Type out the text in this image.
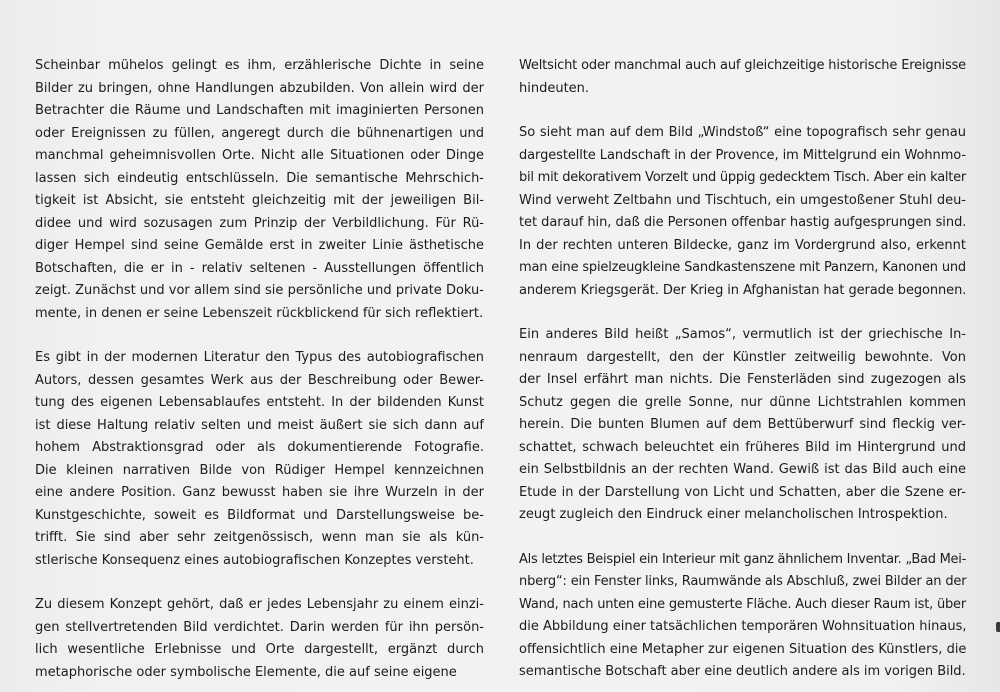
Scheinbar mühelos gelingt es ihm, erzählerische Dichte in seine
Bilder zu bringen, ohne Handlungen abzubilden. Von allein wird der
Betrachter die Räume und Landschaften mit imaginierten Personen
oder Ereignissen zu füllen, angeregt durch die bühnenartigen und
manchmal geheimnisvollen Orte. Nicht alle Situationen oder Dinge
lassen sich eindeutig entschlüsseln. Die semantische Mehrschich-
tigkeit ist Absicht, sie entsteht gleichzeitig mit der jeweiligen Bil-
didee und wird sozusagen zum Prinzip der Verbildlichung. Für Rü-
diger Hempel sind seine Gemälde erst in zweiter Linie ästhetische
Botschaften, die er in - relativ seltenen - Ausstellungen öffentlich
zeigt. Zunächst und vor allem sind sie persönliche und private Doku-
mente, in denen er seine Lebenszeit rückblickend für sich reflektiert.

Es gibt in der modernen Literatur den Typus des autobiografischen
Autors, dessen gesamtes Werk aus der Beschreibung oder Bewer-
tung des eigenen Lebensablaufes entsteht. In der bildenden Kunst
ist diese Haltung relativ selten und meist äußert sie sich dann auf
hohem Abstraktionsgrad oder als dokumentierende Fotografie.
Die kleinen narrativen Bilde von Rüdiger Hempel kennzeichnen
eine andere Position. Ganz bewusst haben sie ihre Wurzeln in der
Kunstgeschichte, soweit es Bildformat und Darstellungsweise be-
trifft. Sie sind aber sehr zeitgenössisch, wenn man sie als kün-
stlerische Konsequenz eines autobiografischen Konzeptes versteht.

Zu diesem Konzept gehört, daß er jedes Lebensjahr zu einem einzi-
gen stellvertretenden Bild verdichtet. Darin werden für ihn persön-
lich wesentliche Erlebnisse und Orte dargestellt, ergänzt durch
metaphorische oder symbolische Elemente, die auf seine eigene

Weltsicht oder manchmal auch auf gleichzeitige historische Ereignisse
hindeuten.

So sieht man auf dem Bild „Windstoß“ eine topografisch sehr genau
dargestellte Landschaft in der Provence, im Mittelgrund ein Wohnmo-
bil mit dekorativem Vorzelt und üppig gedecktem Tisch. Aber ein kalter
Wind verweht Zeltbahn und Tischtuch, ein umgestoßener Stuhl deu-
tet darauf hin, daß die Personen offenbar hastig aufgesprungen sind.
In der rechten unteren Bildecke, ganz im Vordergrund also, erkennt
man eine spielzeugkleine Sandkastenszene mit Panzern, Kanonen und
anderem Kriegsgerät. Der Krieg in Afghanistan hat gerade begonnen.

Ein anderes Bild heißt „Samos“, vermutlich ist der griechische In-
nenraum dargestellt, den der Künstler zeitweilig bewohnte. Von
der Insel erfährt man nichts. Die Fensterläden sind zugezogen als
Schutz gegen die grelle Sonne, nur dünne Lichtstrahlen kommen
herein. Die bunten Blumen auf dem Bettüberwurf sind fleckig ver-
schattet, schwach beleuchtet ein früheres Bild im Hintergrund und
ein Selbstbildnis an der rechten Wand. Gewiß ist das Bild auch eine
Etude in der Darstellung von Licht und Schatten, aber die Szene er-
zeugt zugleich den Eindruck einer melancholischen Introspektion.

Als letztes Beispiel ein Interieur mit ganz ähnlichem Inventar. „Bad Mei-
nberg“: ein Fenster links, Raumwände als Abschluß, zwei Bilder an der
Wand, nach unten eine gemusterte Fläche. Auch dieser Raum ist, über
die Abbildung einer tatsächlichen temporären Wohnsituation hinaus,
offensichtlich eine Metapher zur eigenen Situation des Künstlers, die
semantische Botschaft aber eine deutlich andere als im vorigen Bild.
